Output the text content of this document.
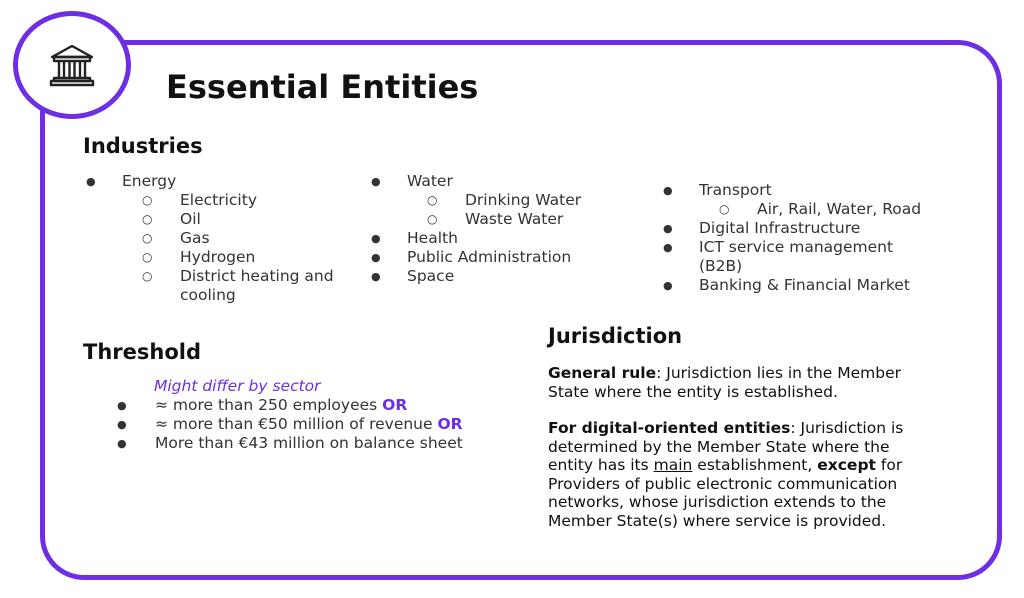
Essential Entities
Industries
● Energy
○ Electricity
○ Oil
○ Gas
○ Hydrogen
○ District heating and cooling
● Water
○ Drinking Water
○ Waste Water
● Health
● Public Administration
● Space
● Transport
○ Air, Rail, Water, Road
● Digital Infrastructure
● ICT service management (B2B)
● Banking & Financial Market
Threshold
Might differ by sector
● ≈ more than 250 employees OR
● ≈ more than €50 million of revenue OR
● More than €43 million on balance sheet
Jurisdiction

General rule: Jurisdiction lies in the Member State where the entity is established.

For digital-oriented entities: Jurisdiction is determined by the Member State where the entity has its main establishment, except for Providers of public electronic communication networks, whose jurisdiction extends to the Member State(s) where service is provided.
